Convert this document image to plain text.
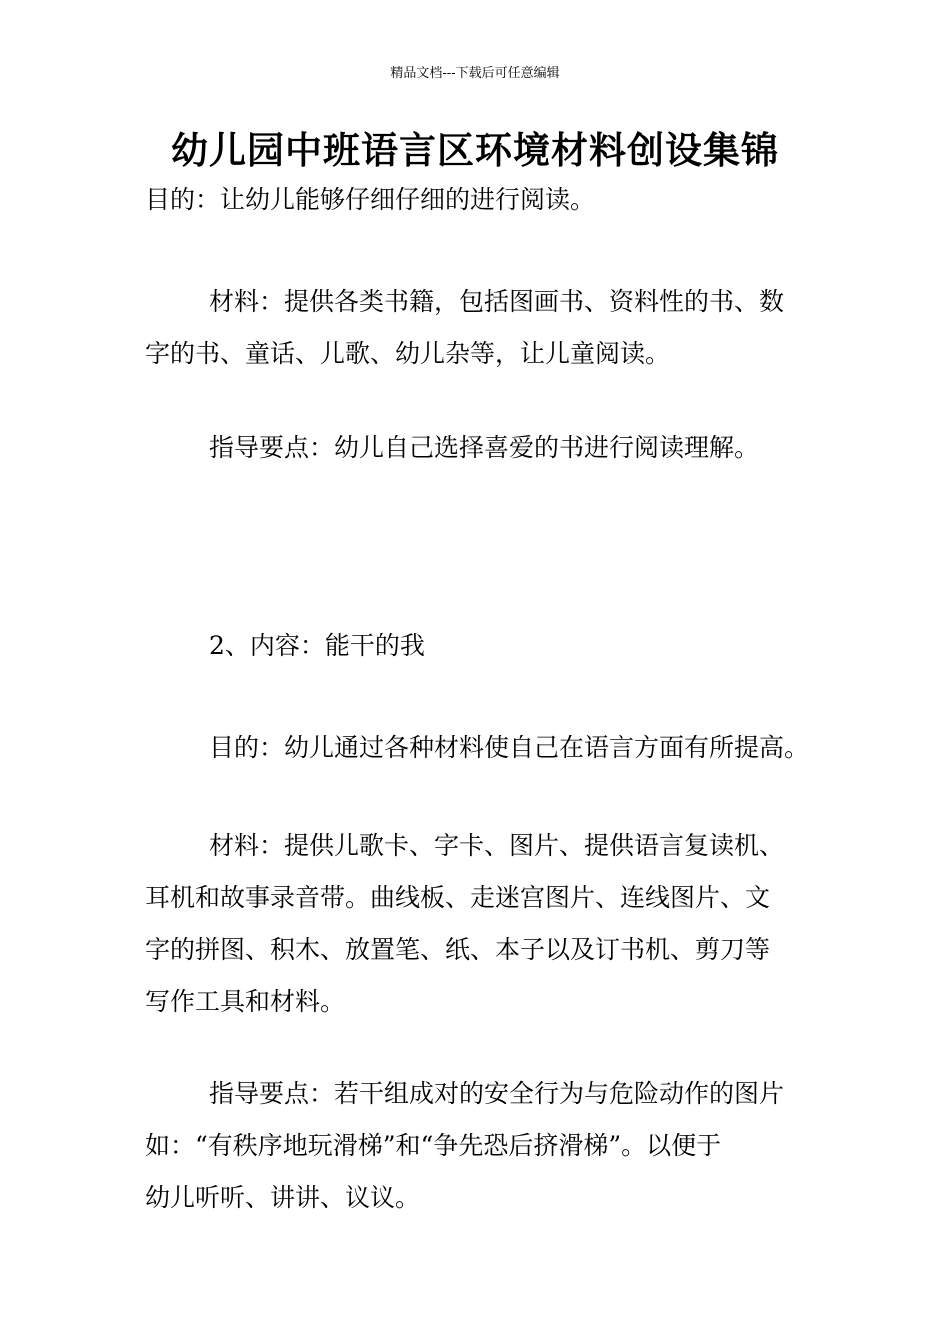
精品文档---下载后可任意编辑
幼儿园中班语言区环境材料创设集锦

目的：让幼儿能够仔细仔细的进行阅读。

材料：提供各类书籍，包括图画书、资料性的书、数
字的书、童话、儿歌、幼儿杂等，让儿童阅读。

指导要点：幼儿自己选择喜爱的书进行阅读理解。

2、内容：能干的我

目的：幼儿通过各种材料使自己在语言方面有所提高。

材料：提供儿歌卡、字卡、图片、提供语言复读机、
耳机和故事录音带。曲线板、走迷宫图片、连线图片、文
字的拼图、积木、放置笔、纸、本子以及订书机、剪刀等
写作工具和材料。

指导要点：若干组成对的安全行为与危险动作的图片
如：“有秩序地玩滑梯”和“争先恐后挤滑梯”。以便于
幼儿听听、讲讲、议议。
